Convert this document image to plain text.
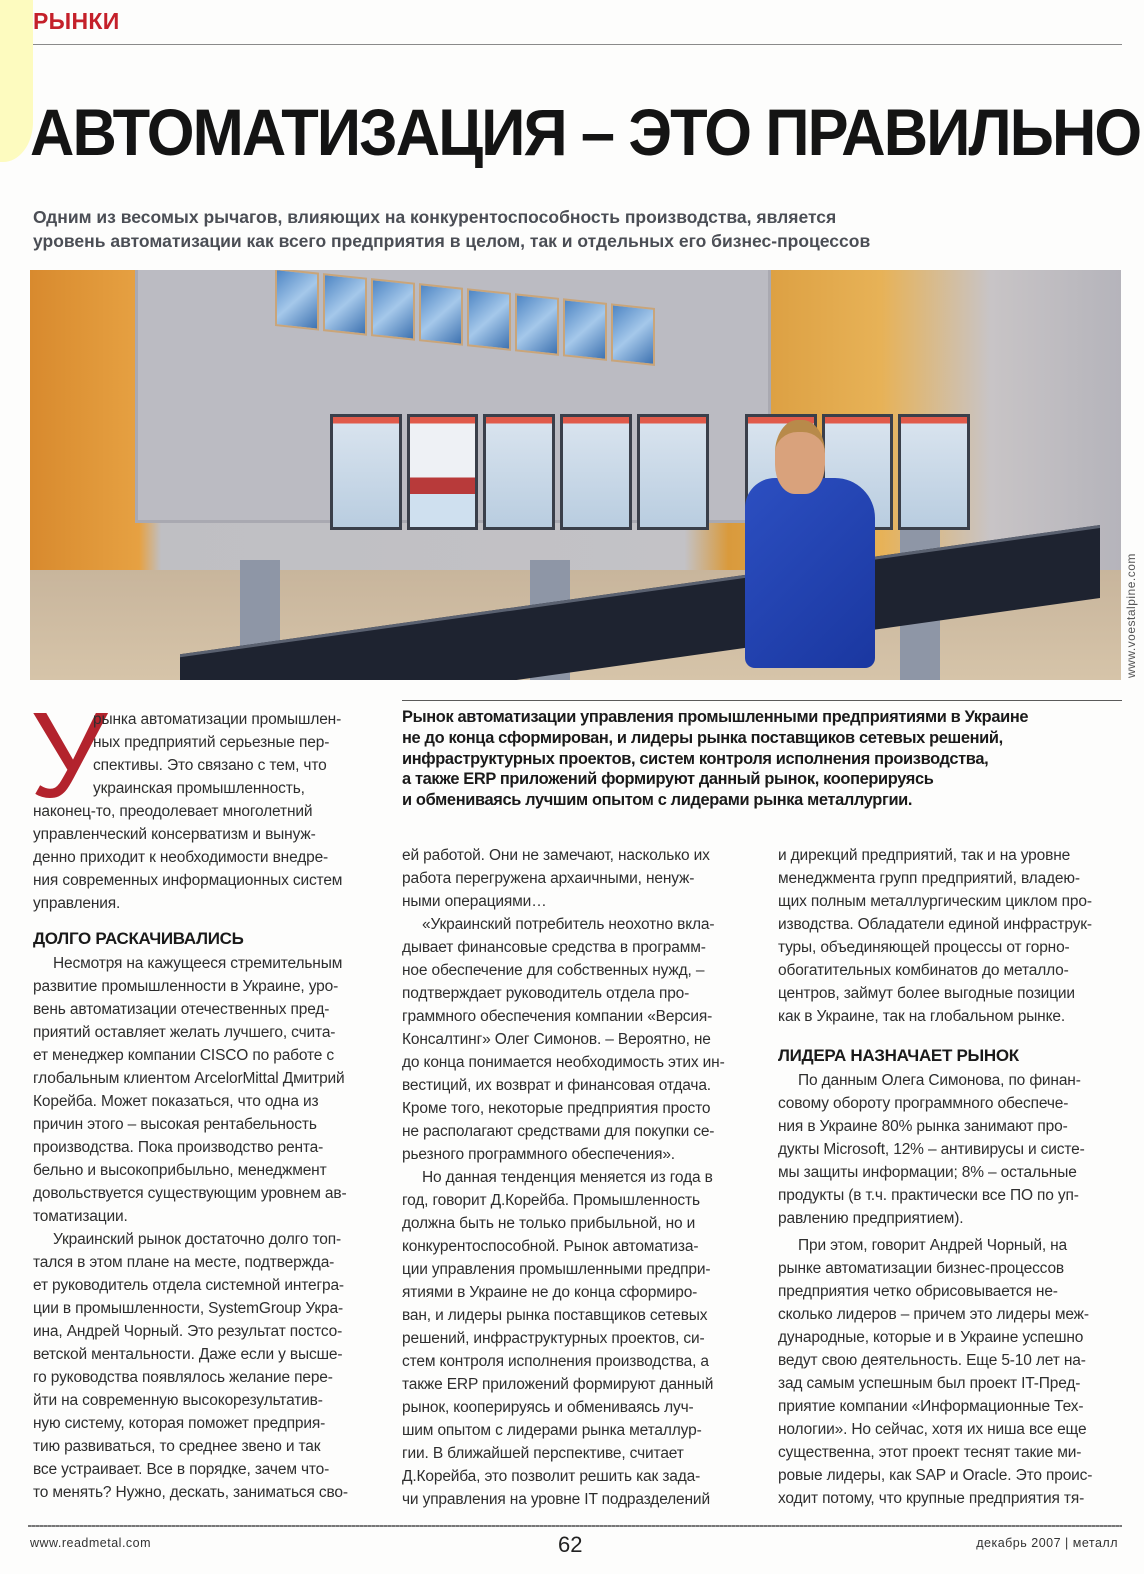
РЫНКИ
АВТОМАТИЗАЦИЯ – ЭТО ПРАВИЛЬНО

Одним из весомых рычагов, влияющих на конкурентоспособность производства, является
уровень автоматизации как всего предприятия в целом, так и отдельных его бизнес-процессов

www.voestalpine.com

Рынок автоматизации управления промышленными предприятиями в Украине
не до конца сформирован, и лидеры рынка поставщиков сетевых решений,
инфраструктурных проектов, систем контроля исполнения производства,
а также ERP приложений формируют данный рынок, кооперируясь
и обмениваясь лучшим опытом с лидерами рынка металлургии.

У
рынка автоматизации промышлен-
ных предприятий серьезные пер-
спективы. Это связано с тем, что
украинская промышленность,
наконец-то, преодолевает многолетний
управленческий консерватизм и вынуж-
денно приходит к необходимости внедре-
ния современных информационных систем
управления.
ДОЛГО РАСКАЧИВАЛИСЬ
Несмотря на кажущееся стремительным
развитие промышленности в Украине, уро-
вень автоматизации отечественных пред-
приятий оставляет желать лучшего, счита-
ет менеджер компании CISCO по работе с
глобальным клиентом ArcelorMittal Дмитрий
Корейба. Может показаться, что одна из
причин этого – высокая рентабельность
производства. Пока производство рента-
бельно и высокоприбыльно, менеджмент
довольствуется существующим уровнем ав-
томатизации.
Украинский рынок достаточно долго топ-
тался в этом плане на месте, подтвержда-
ет руководитель отдела системной интегра-
ции в промышленности, SystemGroup Укра-
ина, Андрей Чорный. Это результат постсо-
ветской ментальности. Даже если у высше-
го руководства появлялось желание пере-
йти на современную высокорезультатив-
ную систему, которая поможет предприя-
тию развиваться, то среднее звено и так
все устраивает. Все в порядке, зачем что-
то менять? Нужно, дескать, заниматься сво-
ей работой. Они не замечают, насколько их
работа перегружена архаичными, ненуж-
ными операциями…
«Украинский потребитель неохотно вкла-
дывает финансовые средства в программ-
ное обеспечение для собственных нужд, –
подтверждает руководитель отдела про-
граммного обеспечения компании «Версия-
Консалтинг» Олег Симонов. – Вероятно, не
до конца понимается необходимость этих ин-
вестиций, их возврат и финансовая отдача.
Кроме того, некоторые предприятия просто
не располагают средствами для покупки се-
рьезного программного обеспечения».
Но данная тенденция меняется из года в
год, говорит Д.Корейба. Промышленность
должна быть не только прибыльной, но и
конкурентоспособной. Рынок автоматиза-
ции управления промышленными предпри-
ятиями в Украине не до конца сформиро-
ван, и лидеры рынка поставщиков сетевых
решений, инфраструктурных проектов, си-
стем контроля исполнения производства, а
также ERP приложений формируют данный
рынок, кооперируясь и обмениваясь луч-
шим опытом с лидерами рынка металлур-
гии. В ближайшей перспективе, считает
Д.Корейба, это позволит решить как зада-
чи управления на уровне IT подразделений
и дирекций предприятий, так и на уровне
менеджмента групп предприятий, владею-
щих полным металлургическим циклом про-
изводства. Обладатели единой инфраструк-
туры, объединяющей процессы от горно-
обогатительных комбинатов до металло-
центров, займут более выгодные позиции
как в Украине, так на глобальном рынке.
ЛИДЕРА НАЗНАЧАЕТ РЫНОК
По данным Олега Симонова, по финан-
совому обороту программного обеспече-
ния в Украине 80% рынка занимают про-
дукты Microsoft, 12% – антивирусы и систе-
мы защиты информации; 8% – остальные
продукты (в т.ч. практически все ПО по уп-
равлению предприятием).
При этом, говорит Андрей Чорный, на
рынке автоматизации бизнес-процессов
предприятия четко обрисовывается не-
сколько лидеров – причем это лидеры меж-
дународные, которые и в Украине успешно
ведут свою деятельность. Еще 5-10 лет на-
зад самым успешным был проект IT-Пред-
приятие компании «Информационные Тех-
нологии». Но сейчас, хотя их ниша все еще
существенна, этот проект теснят такие ми-
ровые лидеры, как SAP и Oracle. Это проис-
ходит потому, что крупные предприятия тя-
www.readmetal.com	62	декабрь 2007 | металл
